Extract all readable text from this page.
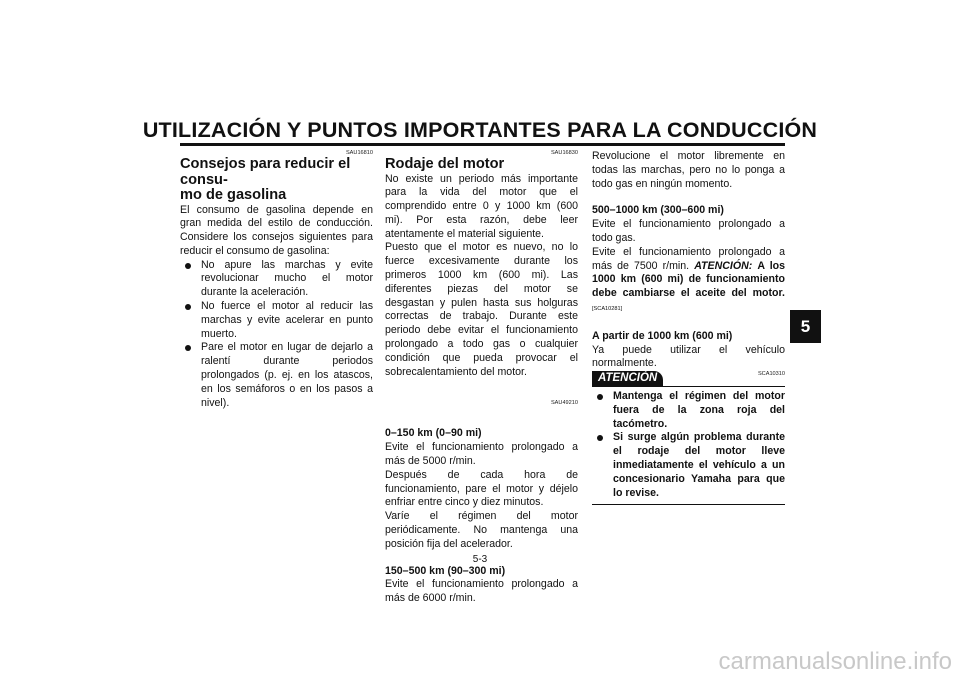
UTILIZACIÓN Y PUNTOS IMPORTANTES PARA LA CONDUCCIÓN
5
SAU16810
Consejos para reducir el consu-
mo de gasolina

El consumo de gasolina depende en gran medida del estilo de conducción. Considere los consejos siguientes para reducir el consumo de gasolina:

No apure las marchas y evite revolucionar mucho el motor durante la aceleración.
No fuerce el motor al reducir las marchas y evite acelerar en punto muerto.
Pare el motor en lugar de dejarlo a ralentí durante periodos prolongados (p. ej. en los atascos, en los semáforos o en los pasos a nivel).
SAU16830
Rodaje del motor

No existe un periodo más importante para la vida del motor que el comprendido entre 0 y 1000 km (600 mi). Por esta razón, debe leer atentamente el material siguiente.

Puesto que el motor es nuevo, no lo fuerce excesivamente durante los primeros 1000 km (600 mi). Las diferentes piezas del motor se desgastan y pulen hasta sus holguras correctas de trabajo. Durante este periodo debe evitar el funcionamiento prolongado a todo gas o cualquier condición que pueda provocar el sobrecalentamiento del motor.

SAU49210

0–150 km (0–90 mi)

Evite el funcionamiento prolongado a más de 5000 r/min.

Después de cada hora de funcionamiento, pare el motor y déjelo enfriar entre cinco y diez minutos.

Varíe el régimen del motor periódicamente. No mantenga una posición fija del acelerador.

150–500 km (90–300 mi)

Evite el funcionamiento prolongado a más de 6000 r/min.

Revolucione el motor libremente en todas las marchas, pero no lo ponga a todo gas en ningún momento.

500–1000 km (300–600 mi)

Evite el funcionamiento prolongado a todo gas.

Evite el funcionamiento prolongado a más de 7500 r/min. ATENCIÓN: A los 1000 km (600 mi) de funcionamiento debe cambiarse el aceite del motor. [SCA10281]

A partir de 1000 km (600 mi)

Ya puede utilizar el vehículo normalmente.

ATENCIÓN	SCA10310
Mantenga el régimen del motor fuera de la zona roja del tacómetro.
Si surge algún problema durante el rodaje del motor lleve inmediatamente el vehículo a un concesionario Yamaha para que lo revise.
5-3
carmanualsonline.info
